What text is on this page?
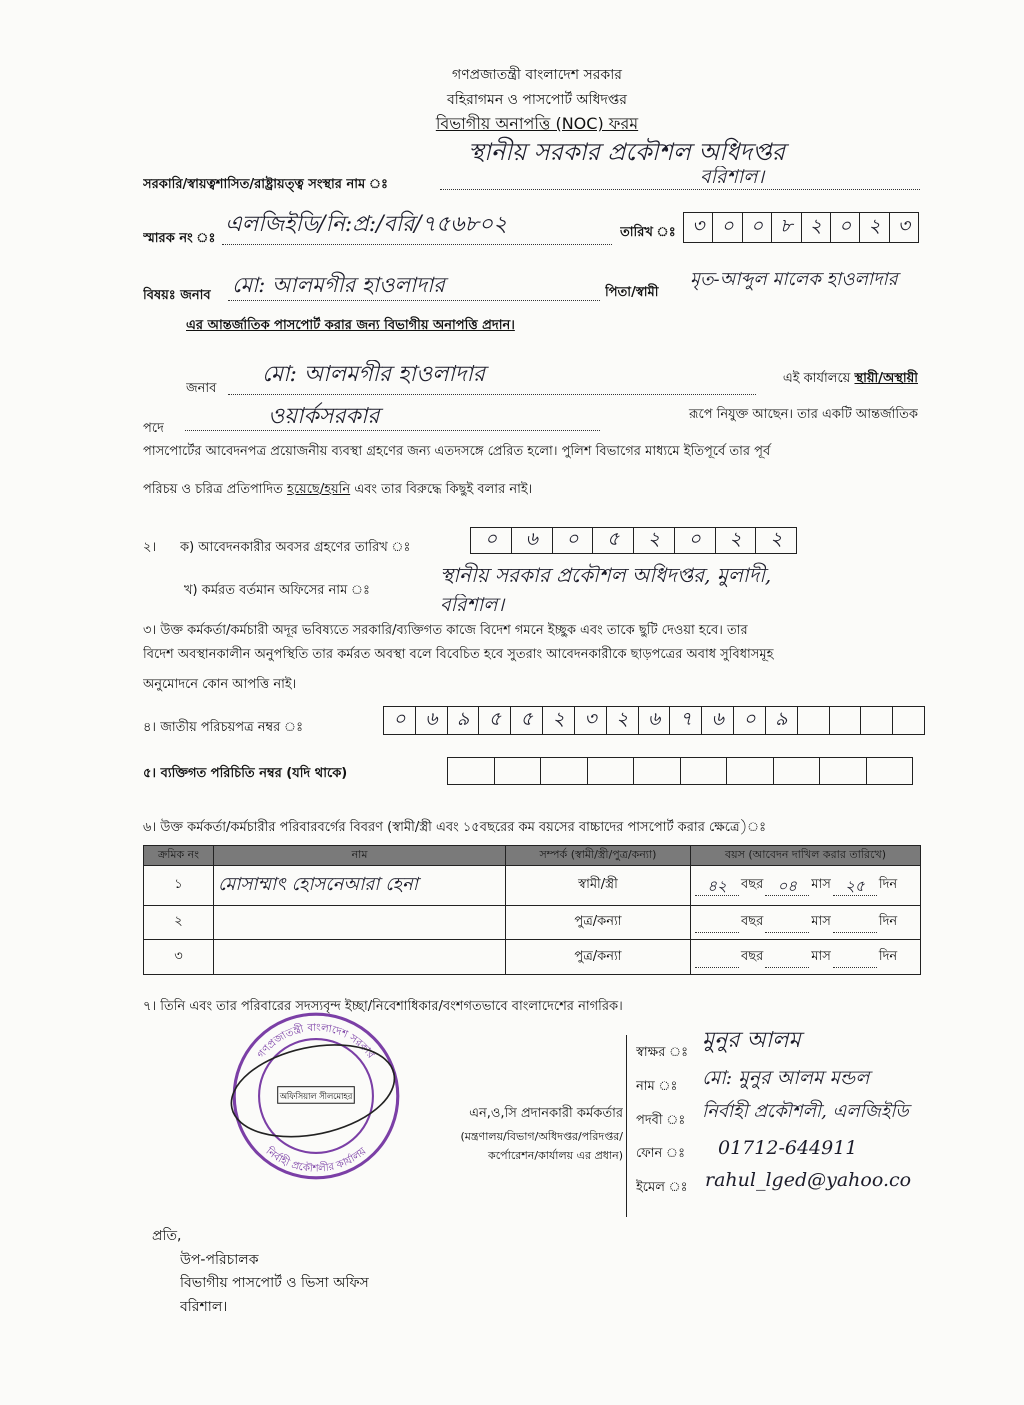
গণপ্রজাতন্ত্রী বাংলাদেশ সরকার
বহিরাগমন ও পাসপোর্ট অধিদপ্তর
বিভাগীয় অনাপত্তি (NOC) ফরম
সরকারি/স্বায়ত্বশাসিত/রাষ্ট্রায়ত্ত্ব সংস্থার নাম ঃ
স্থানীয় সরকার প্রকৌশল অধিদপ্তর
বরিশাল।
স্মারক নং ঃ
এলজিইডি/নি:প্র:/বরি/৭৫৬৮০২	তারিখ ঃ ৩ ০ ০ ৮ ২ ০ ২ ৩
বিষয়ঃ জনাব	মো: আলমগীর হাওলাদার	পিতা/স্বামী
মৃত-আব্দুল মালেক হাওলাদার
এর আন্তর্জাতিক পাসপোর্ট করার জন্য বিভাগীয় অনাপত্তি প্রদান।
জনাব
মো: আলমগীর হাওলাদার	এই কার্যালয়ে স্থায়ী/অস্থায়ী
পদে	ওয়ার্কসরকার	রূপে নিযুক্ত আছেন। তার একটি আন্তর্জাতিক
পাসপোর্টের আবেদনপত্র প্রয়োজনীয় ব্যবস্থা গ্রহণের জন্য এতদসঙ্গে প্রেরিত হলো। পুলিশ বিভাগের মাধ্যমে ইতিপূর্বে তার পূর্ব
পরিচয় ও চরিত্র প্রতিপাদিত হয়েছে/হয়নি এবং তার বিরুদ্ধে কিছুই বলার নাই।
২।	ক) আবেদনকারীর অবসর গ্রহণের তারিখ ঃ	০	৬	০	৫	২	০	২	২
খ) কর্মরত বর্তমান অফিসের নাম ঃ
স্থানীয় সরকার প্রকৌশল অধিদপ্তর, মুলাদী,
বরিশাল।
৩। উক্ত কর্মকর্তা/কর্মচারী অদূর ভবিষ্যতে সরকারি/ব্যক্তিগত কাজে বিদেশ গমনে ইচ্ছুক এবং তাকে ছুটি দেওয়া হবে। তার
বিদেশ অবস্থানকালীন অনুপস্থিতি তার কর্মরত অবস্থা বলে বিবেচিত হবে সুতরাং আবেদনকারীকে ছাড়পত্রের অবাধ সুবিধাসমূহ
অনুমোদনে কোন আপত্তি নাই।
৪। জাতীয় পরিচয়পত্র নম্বর ঃ	০	৬	৯	৫	৫	২	৩	২	৬	৭	৬	০	৯
৫। ব্যক্তিগত পরিচিতি নম্বর (যদি থাকে)
৬। উক্ত কর্মকর্তা/কর্মচারীর পরিবারবর্গের বিবরণ (স্বামী/স্ত্রী এবং ১৫বছরের কম বয়সের বাচ্চাদের পাসপোর্ট করার ক্ষেত্রে)ঃ
ক্রমিক নং	নাম	সম্পর্ক (স্বামী/স্ত্রী/পুত্র/কন্যা)	বয়স (আবেদন দাখিল করার তারিখে)
১	মোসাম্মাৎ হোসনেআরা হেনা	স্বামী/স্ত্রী	৪২ বছর ০৪ মাস ২৫ দিন
২		পুত্র/কন্যা	বছর মাস দিন
৩		পুত্র/কন্যা	বছর মাস দিন
৭। তিনি এবং তার পরিবারের সদস্যবৃন্দ ইচ্ছা/নিবেশাধিকার/বংশগতভাবে বাংলাদেশের নাগরিক।
গণপ্রজাতন্ত্রী বাংলাদেশ সরকার
নির্বাহী প্রকৌশলীর কার্যালয়
অফিসিয়াল সীলমোহর
এন,ও,সি প্রদানকারী কর্মকর্তার
(মন্ত্রণালয়/বিভাগ/অধিদপ্তর/পরিদপ্তর/
কর্পোরেশন/কার্যালয় এর প্রধান)
স্বাক্ষর ঃ মুনুর আলম
নাম ঃ	মো: মুনুর আলম মন্ডল
পদবী ঃ নির্বাহী প্রকৌশলী, এলজিইডি
ফোন ঃ	01712-644911
ইমেল ঃ rahul_lged@yahoo.co
প্রতি,
উপ-পরিচালক
বিভাগীয় পাসপোর্ট ও ভিসা অফিস
বরিশাল।
